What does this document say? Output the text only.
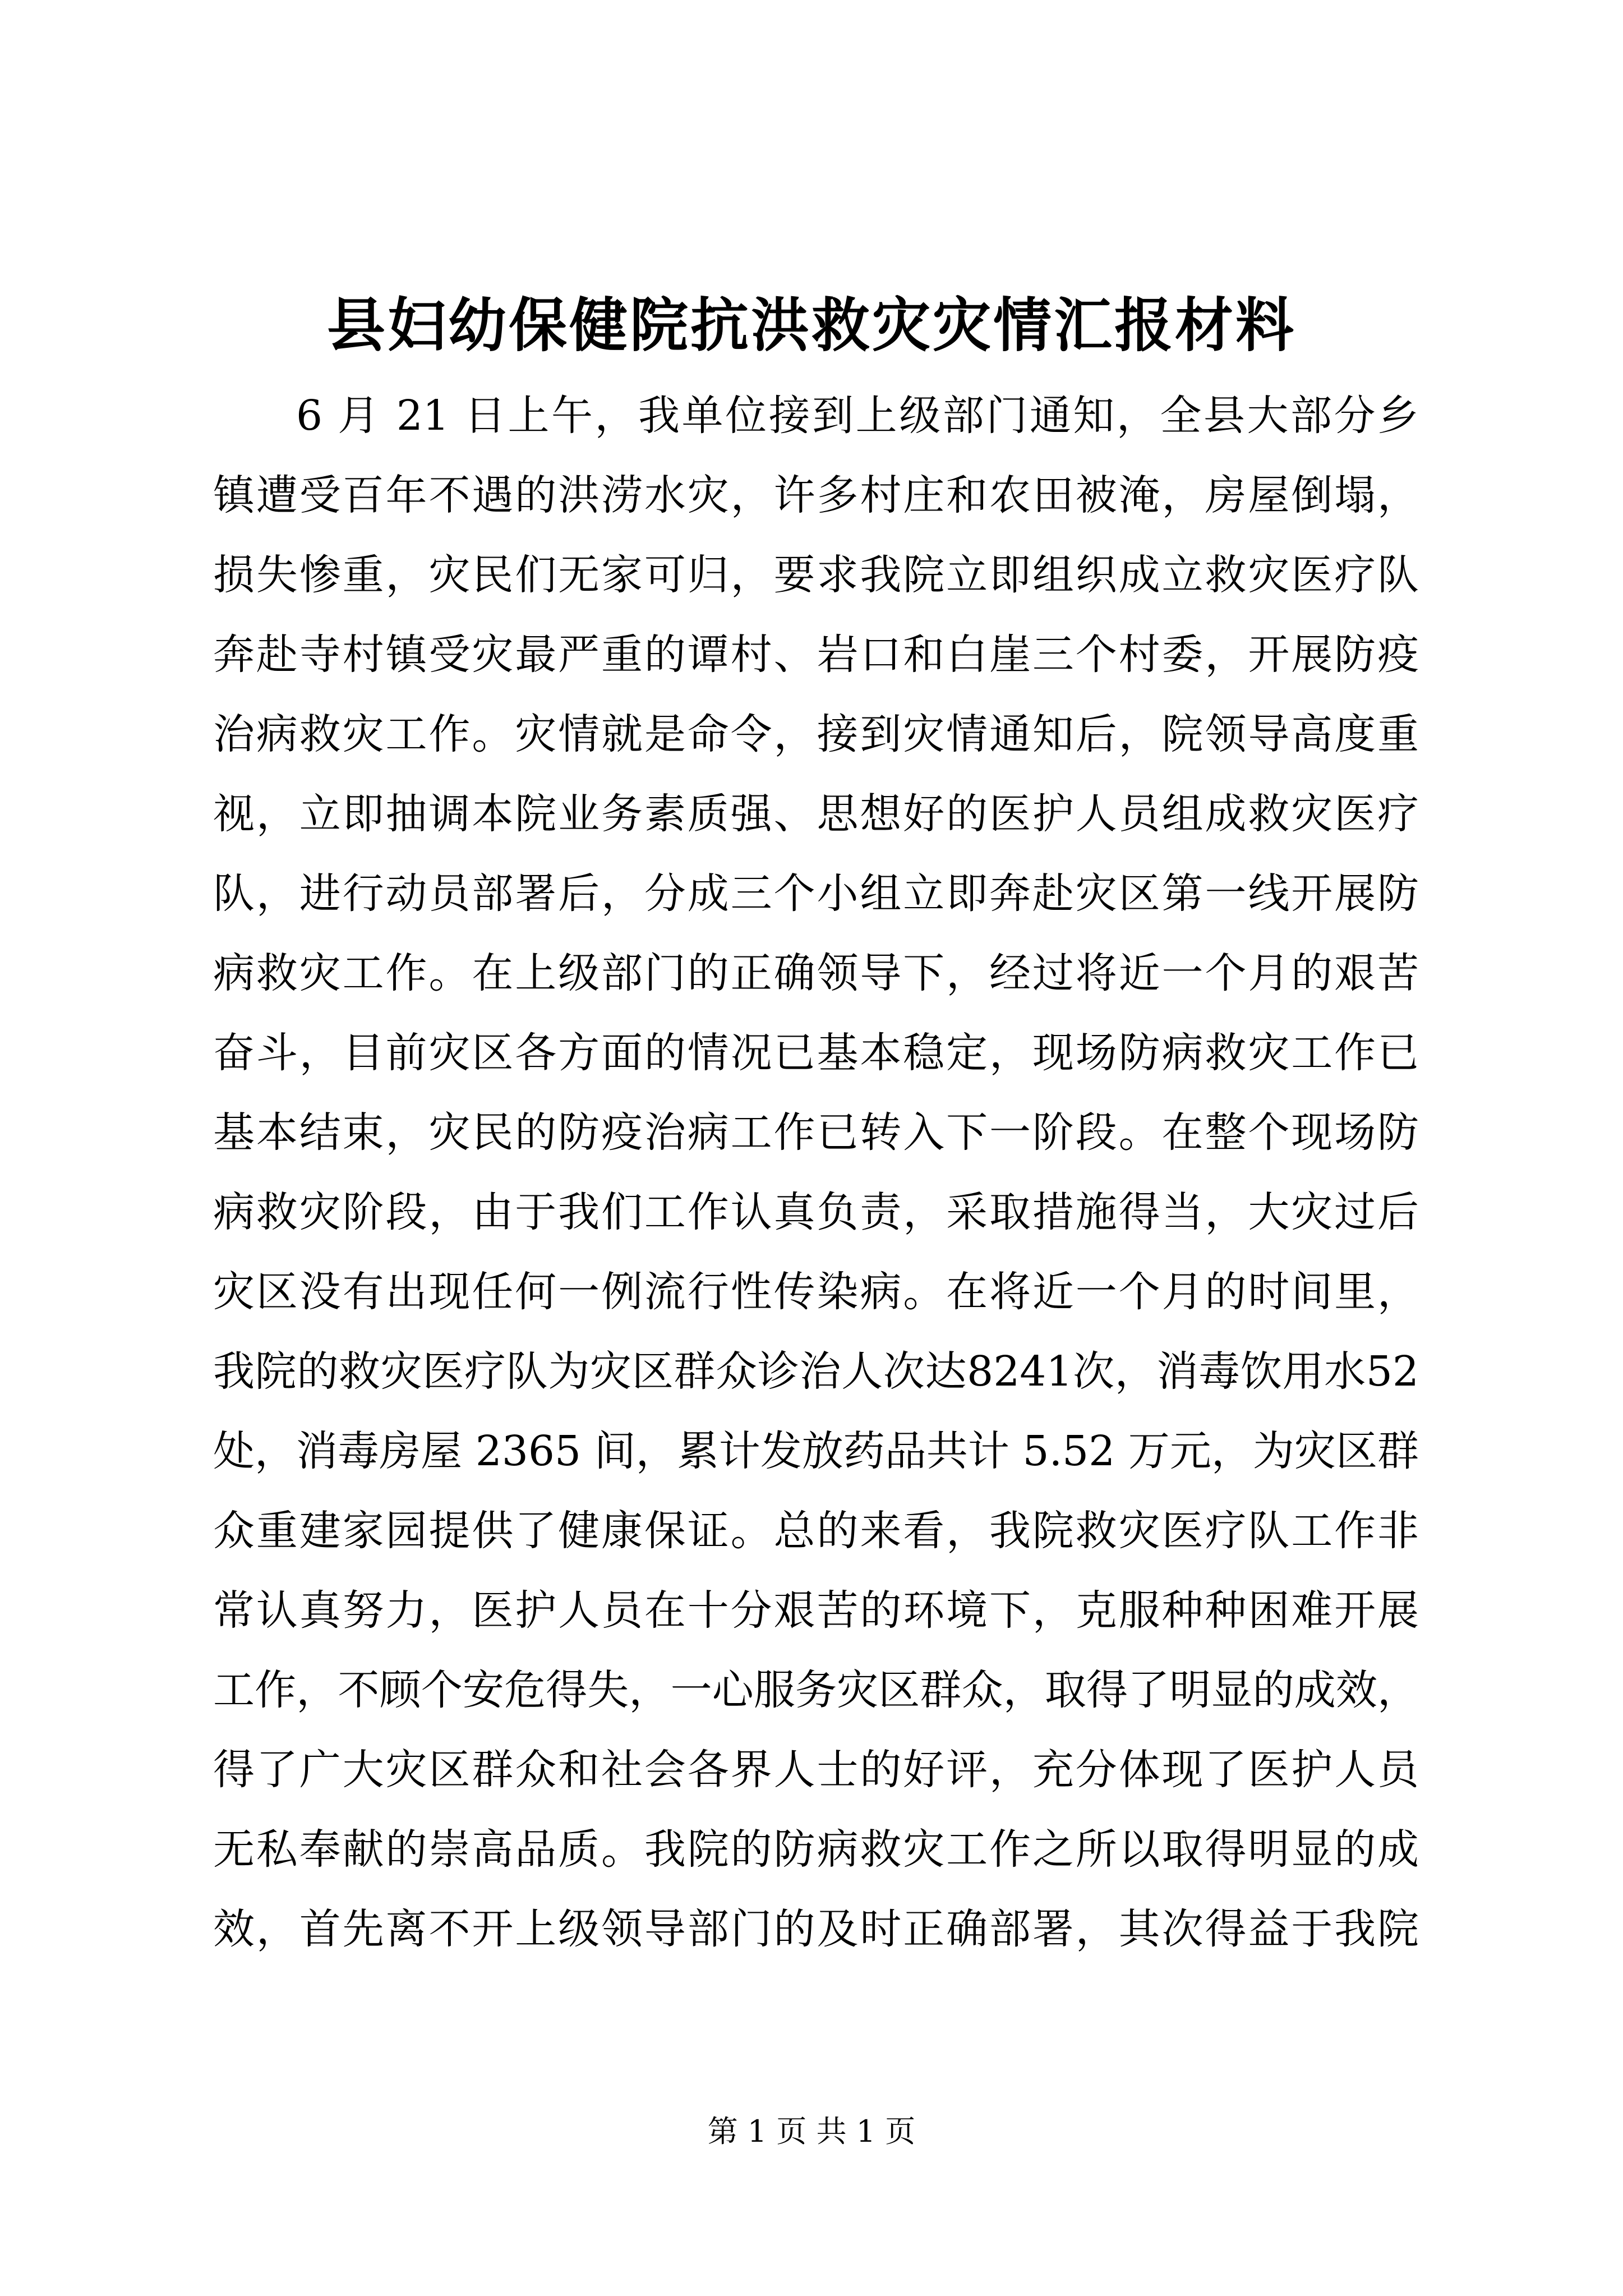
县妇幼保健院抗洪救灾灾情汇报材料
6 月 21 日上午，我单位接到上级部门通知，全县大部分乡
镇遭受百年不遇的洪涝水灾，许多村庄和农田被淹，房屋倒塌，
损失惨重，灾民们无家可归，要求我院立即组织成立救灾医疗队
奔赴寺村镇受灾最严重的谭村、岩口和白崖三个村委，开展防疫
治病救灾工作。灾情就是命令，接到灾情通知后，院领导高度重
视，立即抽调本院业务素质强、思想好的医护人员组成救灾医疗
队，进行动员部署后，分成三个小组立即奔赴灾区第一线开展防
病救灾工作。在上级部门的正确领导下，经过将近一个月的艰苦
奋斗，目前灾区各方面的情况已基本稳定，现场防病救灾工作已
基本结束，灾民的防疫治病工作已转入下一阶段。在整个现场防
病救灾阶段，由于我们工作认真负责，采取措施得当，大灾过后
灾区没有出现任何一例流行性传染病。在将近一个月的时间里，
我院的救灾医疗队为灾区群众诊治人次达8241次，消毒饮用水52
处，消毒房屋 2365 间，累计发放药品共计 5.52 万元，为灾区群
众重建家园提供了健康保证。总的来看，我院救灾医疗队工作非
常认真努力，医护人员在十分艰苦的环境下，克服种种困难开展
工作，不顾个安危得失，一心服务灾区群众，取得了明显的成效，
得了广大灾区群众和社会各界人士的好评，充分体现了医护人员
无私奉献的崇高品质。我院的防病救灾工作之所以取得明显的成
效，首先离不开上级领导部门的及时正确部署，其次得益于我院
第 1 页 共 1 页
